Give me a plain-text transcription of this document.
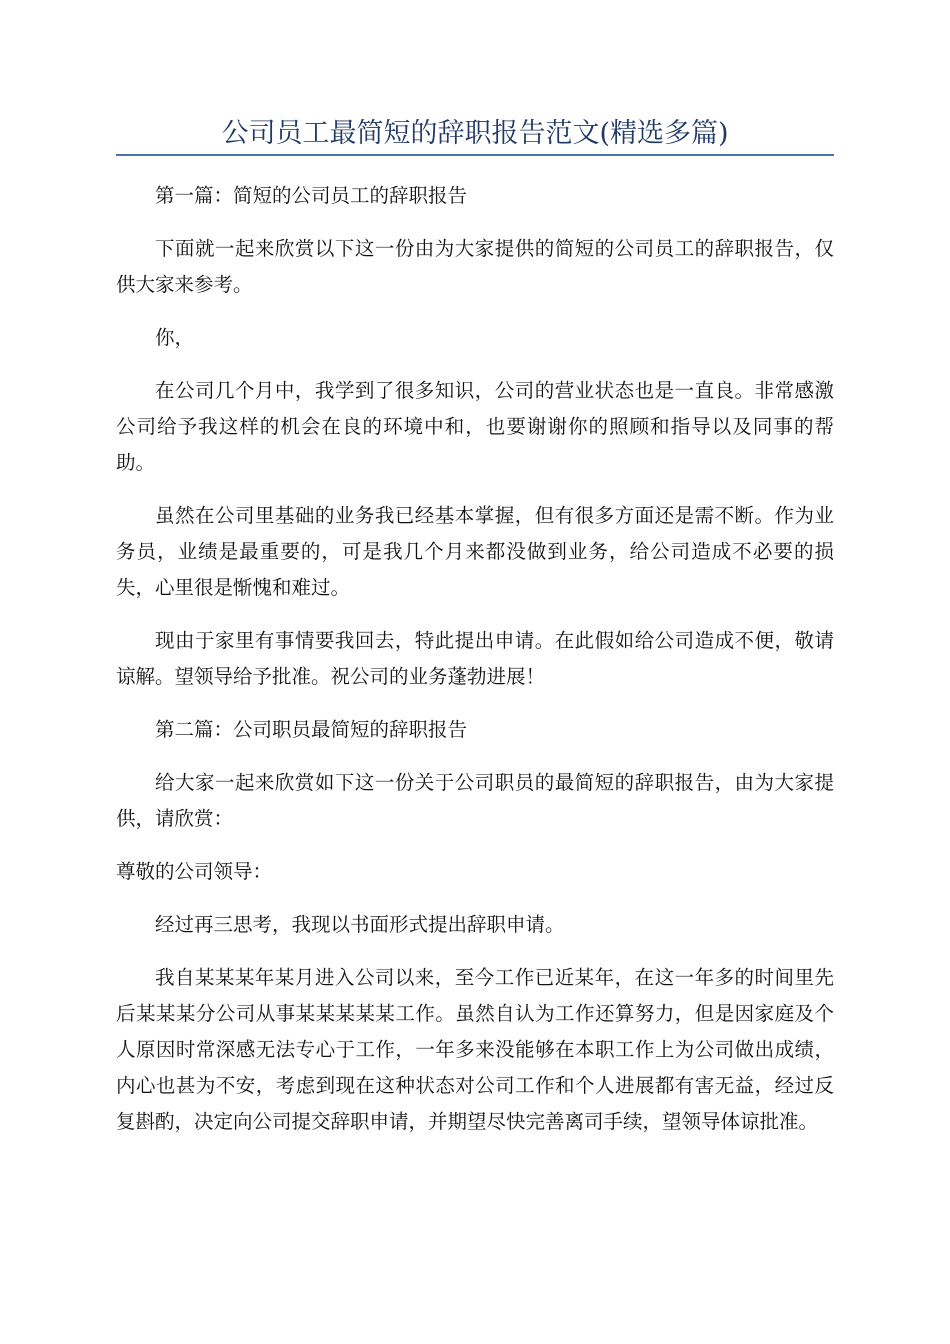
公司员工最简短的辞职报告范文(精选多篇)

第一篇：简短的公司员工的辞职报告

下面就一起来欣赏以下这一份由为大家提供的简短的公司员工的辞职报告，仅供大家来参考。

你，

在公司几个月中，我学到了很多知识，公司的营业状态也是一直良。非常感激公司给予我这样的机会在良的环境中和，也要谢谢你的照顾和指导以及同事的帮助。

虽然在公司里基础的业务我已经基本掌握，但有很多方面还是需不断。作为业务员，业绩是最重要的，可是我几个月来都没做到业务，给公司造成不必要的损失，心里很是惭愧和难过。

现由于家里有事情要我回去，特此提出申请。在此假如给公司造成不便，敬请谅解。望领导给予批准。祝公司的业务蓬勃进展！

第二篇：公司职员最简短的辞职报告

给大家一起来欣赏如下这一份关于公司职员的最简短的辞职报告，由为大家提供，请欣赏：

尊敬的公司领导：

经过再三思考，我现以书面形式提出辞职申请。

我自某某某年某月进入公司以来，至今工作已近某年，在这一年多的时间里先后某某某分公司从事某某某某某工作。虽然自认为工作还算努力，但是因家庭及个人原因时常深感无法专心于工作，一年多来没能够在本职工作上为公司做出成绩，内心也甚为不安，考虑到现在这种状态对公司工作和个人进展都有害无益，经过反复斟酌，决定向公司提交辞职申请，并期望尽快完善离司手续，望领导体谅批准。
